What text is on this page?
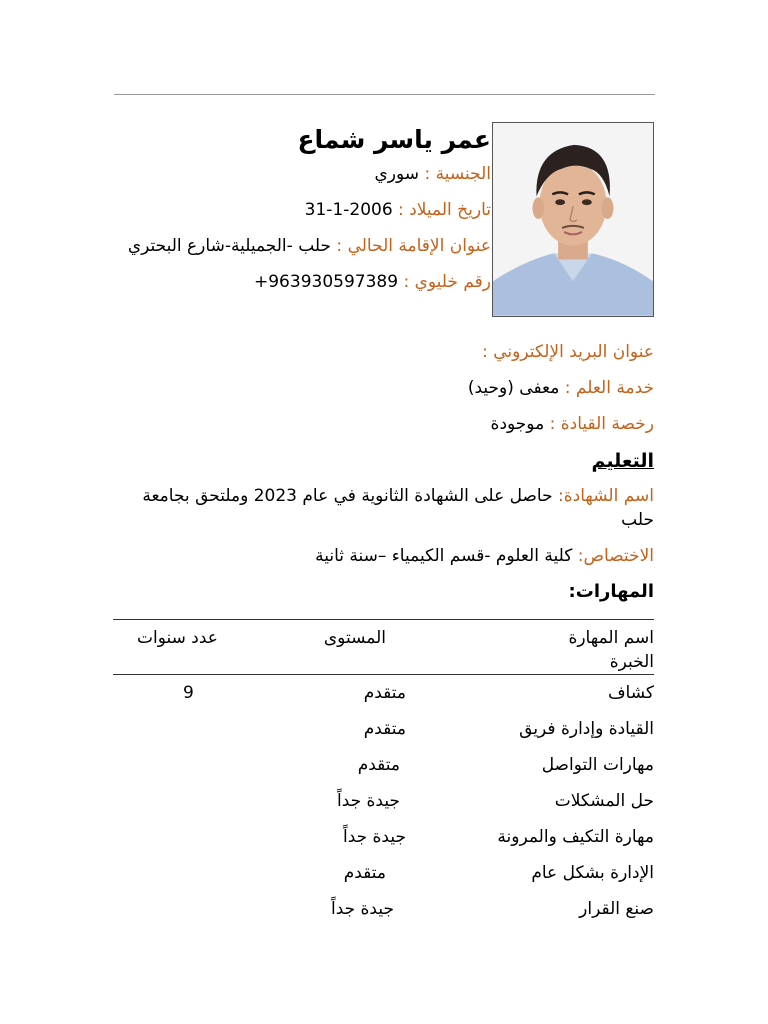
عمر ياسر شماع
الجنسية : سوري
تاريخ الميلاد : 31-1-2006
عنوان الإقامة الحالي : حلب -الجميلية-شارع البحتري
رقم خليوي : +963930597389
عنوان البريد الإلكتروني :
خدمة العلم : معفى (وحيد)
رخصة القيادة : موجودة
التعليم
اسم الشهادة: حاصل على الشهادة الثانوية في عام 2023 وملتحق بجامعة حلب
الاختصاص: كلية العلوم -قسم الكيمياء –سنة ثانية
المهارات:
اسم المهارة
الخبرة
المستوى
عدد سنوات
كشاف
متقدم
9
القيادة وإدارة فريق
متقدم
مهارات التواصل
متقدم
حل المشكلات
جيدة جداً
مهارة التكيف والمرونة
جيدة جداً
الإدارة بشكل عام
متقدم
صنع القرار
جيدة جداً
